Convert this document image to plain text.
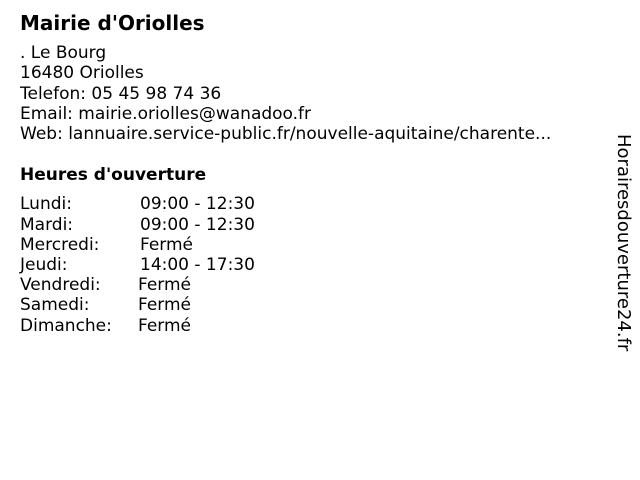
Mairie d'Oriolles
. Le Bourg
16480 Oriolles
Telefon: 05 45 98 74 36
Email: mairie.oriolles@wanadoo.fr
Web: lannuaire.service-public.fr/nouvelle-aquitaine/charente...
Heures d'ouverture
Lundi:	09:00 - 12:30
Mardi:	09:00 - 12:30
Mercredi: Fermé
Jeudi:	14:00 - 17:30
Vendredi: Fermé
Samedi:	Fermé
Dimanche: Fermé	Horairesdouverture24.fr
